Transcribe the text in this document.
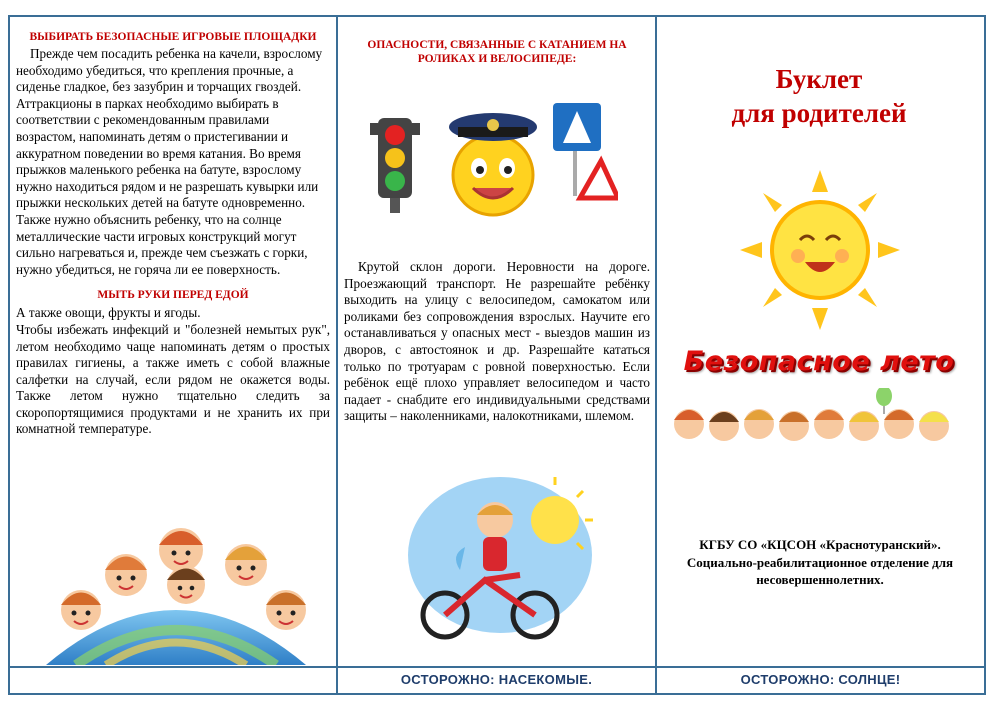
ВЫБИРАТЬ БЕЗОПАСНЫЕ ИГРОВЫЕ ПЛОЩАДКИ

Прежде чем посадить ребенка на качели, взрослому необходимо убедиться, что крепления прочные, а сиденье гладкое, без зазубрин и торчащих гвоздей. Аттракционы в парках необходимо выбирать в соответствии с рекомендованным правилами возрастом, напоминать детям о пристегивании и аккуратном поведении во время катания. Во время прыжков маленького ребенка на батуте, взрослому нужно находиться рядом и не разрешать кувырки или прыжки нескольких детей на батуте одновременно. Также нужно объяснить ребенку, что на солнце металлические части игровых конструкций могут сильно нагреваться и, прежде чем съезжать с горки, нужно убедиться, не горяча ли ее поверхность.

МЫТЬ РУКИ ПЕРЕД ЕДОЙ

А также овощи, фрукты и ягоды.

Чтобы избежать инфекций и "болезней немытых рук", летом необходимо чаще напоминать детям о простых правилах гигиены, а также иметь с собой влажные салфетки на случай, если рядом не окажется воды. Также летом нужно тщательно следить за скоропортящимися продуктами и не хранить их при комнатной температуре.

ОПАСНОСТИ, СВЯЗАННЫЕ С КАТАНИЕМ НА РОЛИКАХ И ВЕЛОСИПЕДЕ:

Крутой склон дороги. Неровности на дороге. Проезжающий транспорт. Не разрешайте ребёнку выходить на улицу с велосипедом, самокатом или роликами без сопровождения взрослых. Научите его останавливаться у опасных мест - выездов машин из дворов, с автостоянок и др. Разрешайте кататься только по тротуарам с ровной поверхностью. Если ребёнок ещё плохо управляет велосипедом и часто падает - снабдите его индивидуальными средствами защиты – наколенниками, налокотниками, шлемом.

Буклет
для родителей
Безопасное лето
КГБУ СО «КЦСОН «Краснотуранский».
Социально-реабилитационное отделение для несовершеннолетних.
ОСТОРОЖНО: НАСЕКОМЫЕ.	ОСТОРОЖНО: СОЛНЦЕ!
